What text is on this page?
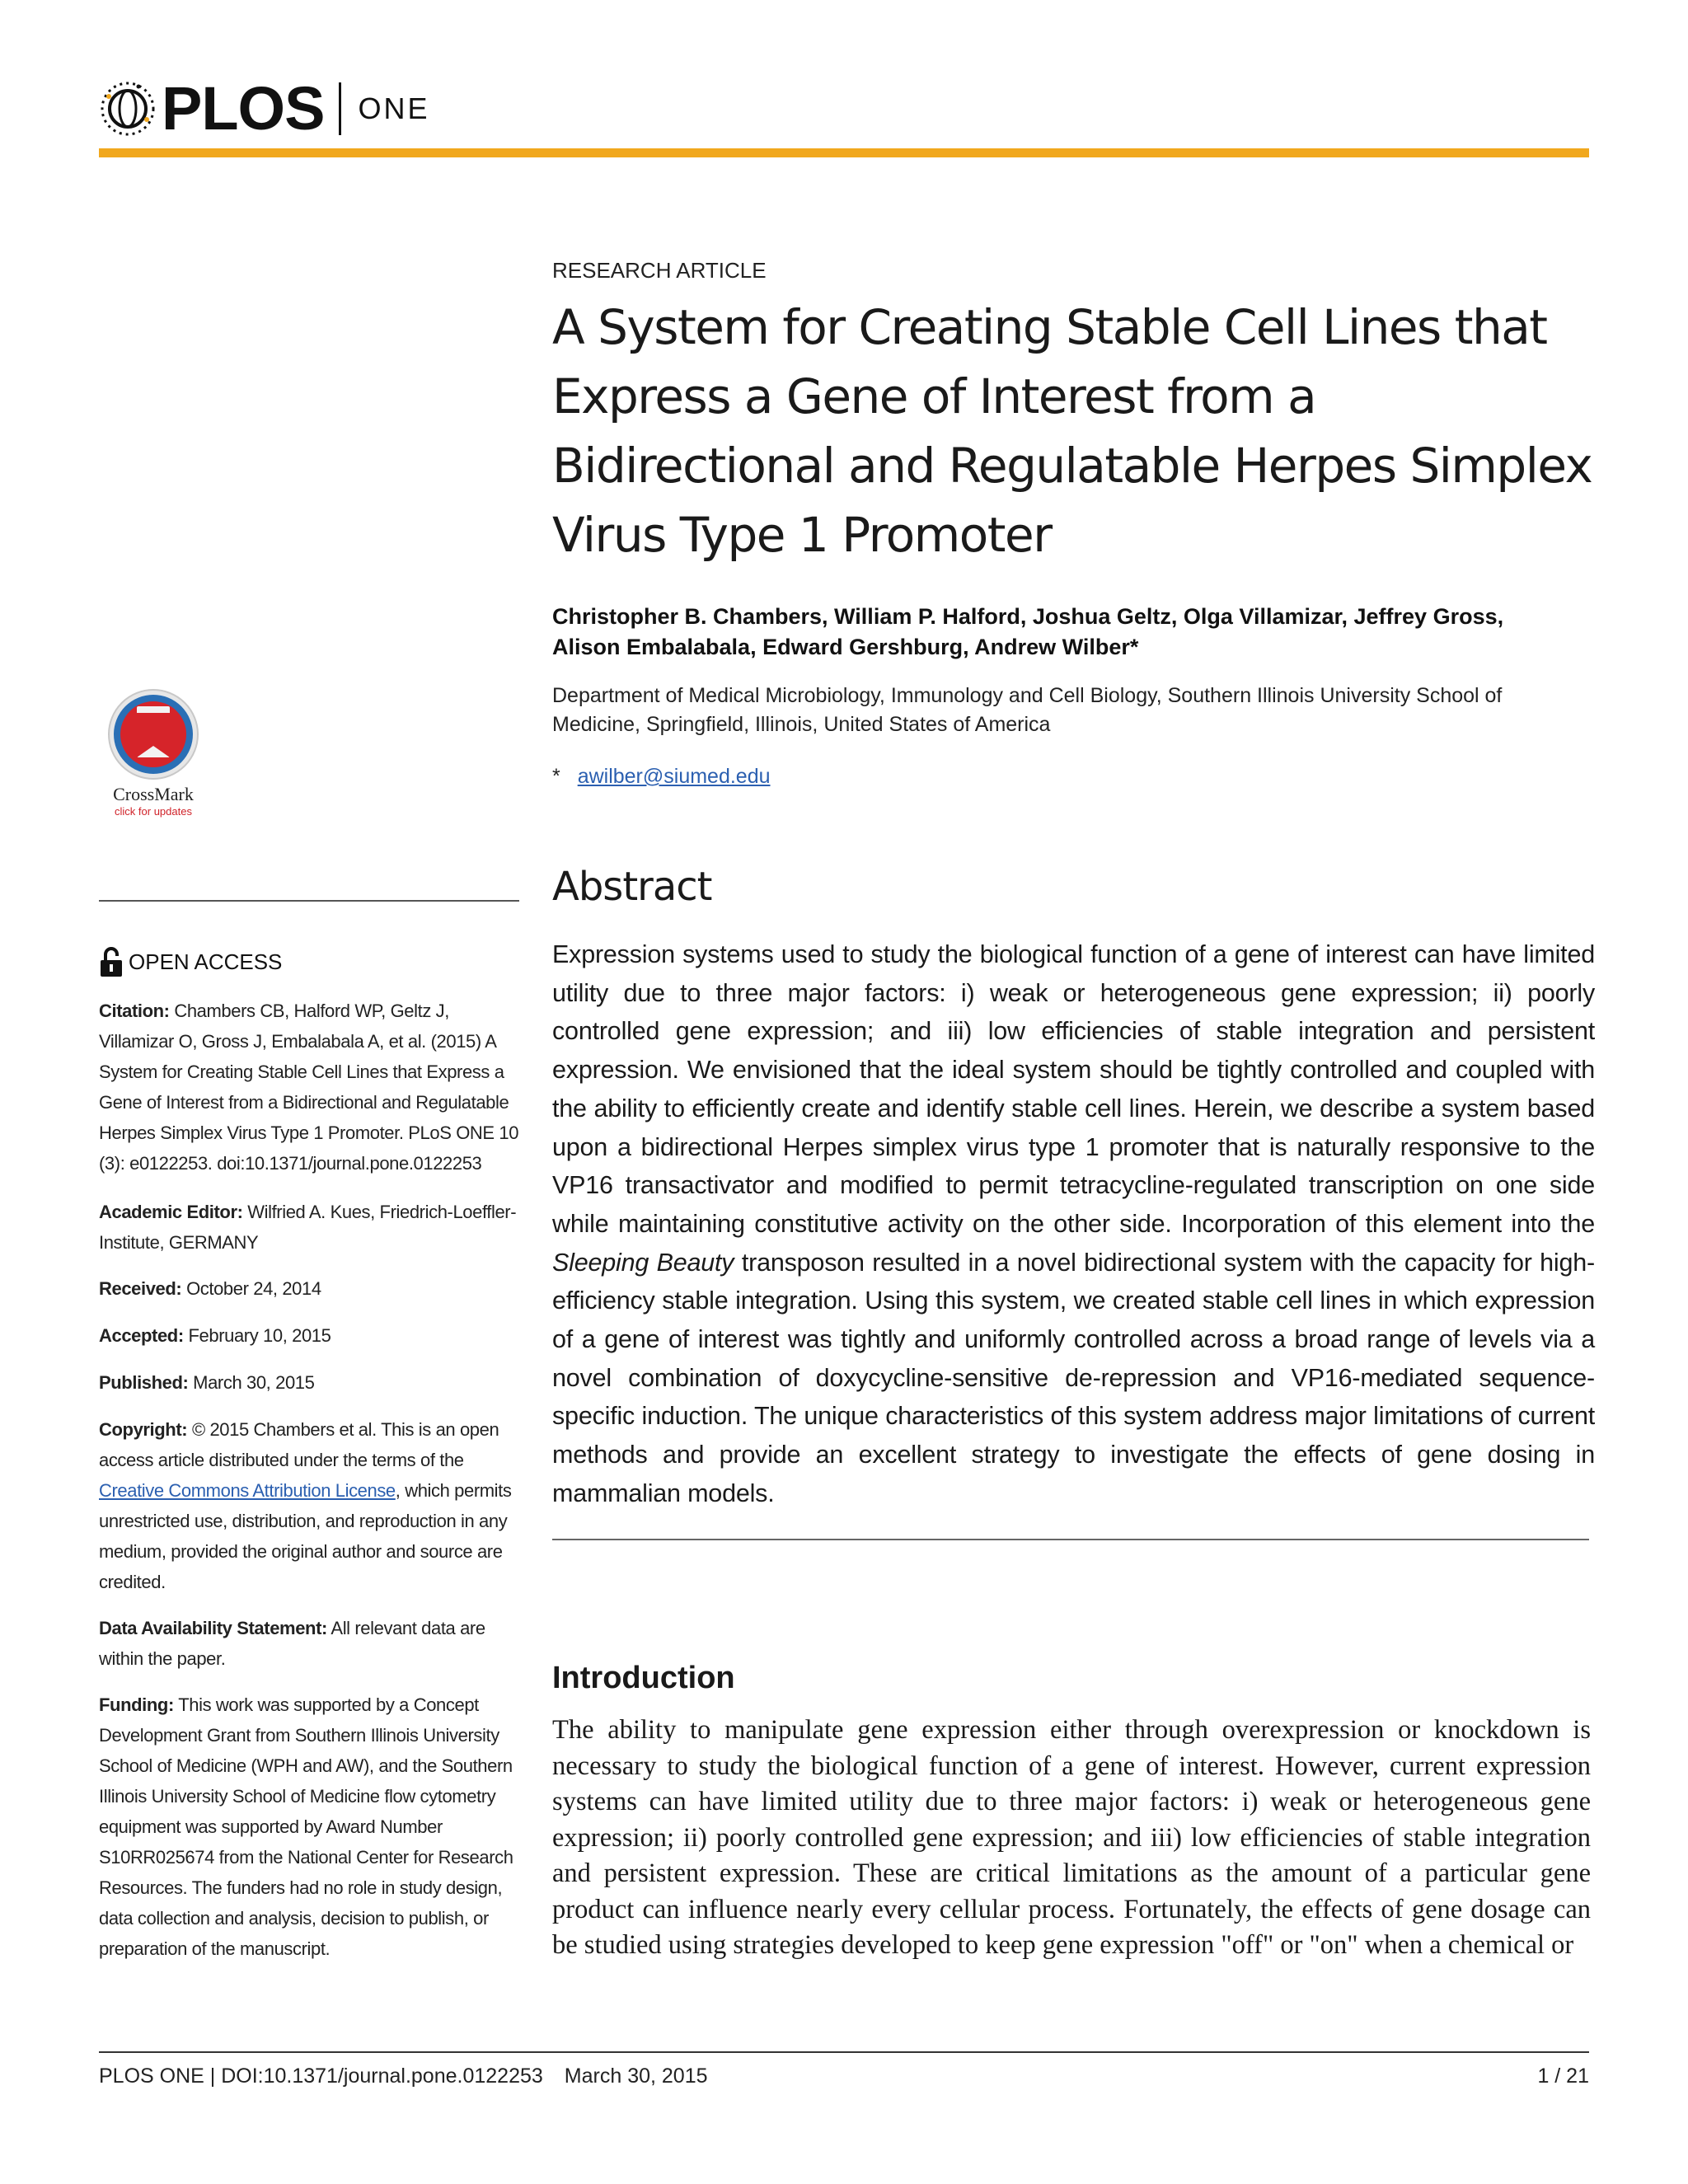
PLOS ONE
CrossMark
click for updates
OPEN ACCESS
Citation: Chambers CB, Halford WP, Geltz J, Villamizar O, Gross J, Embalabala A, et al. (2015) A System for Creating Stable Cell Lines that Express a Gene of Interest from a Bidirectional and Regulatable Herpes Simplex Virus Type 1 Promoter. PLoS ONE 10 (3): e0122253. doi:10.1371/journal.pone.0122253
Academic Editor: Wilfried A. Kues, Friedrich-Loeffler-Institute, GERMANY
Received: October 24, 2014
Accepted: February 10, 2015
Published: March 30, 2015
Copyright: © 2015 Chambers et al. This is an open access article distributed under the terms of the Creative Commons Attribution License, which permits unrestricted use, distribution, and reproduction in any medium, provided the original author and source are credited.
Data Availability Statement: All relevant data are within the paper.
Funding: This work was supported by a Concept Development Grant from Southern Illinois University School of Medicine (WPH and AW), and the Southern Illinois University School of Medicine flow cytometry equipment was supported by Award Number S10RR025674 from the National Center for Research Resources. The funders had no role in study design, data collection and analysis, decision to publish, or preparation of the manuscript.
RESEARCH ARTICLE
A System for Creating Stable Cell Lines that Express a Gene of Interest from a Bidirectional and Regulatable Herpes Simplex Virus Type 1 Promoter
Christopher B. Chambers, William P. Halford, Joshua Geltz, Olga Villamizar, Jeffrey Gross, Alison Embalabala, Edward Gershburg, Andrew Wilber*
Department of Medical Microbiology, Immunology and Cell Biology, Southern Illinois University School of Medicine, Springfield, Illinois, United States of America
* awilber@siumed.edu
Abstract

Expression systems used to study the biological function of a gene of interest can have limited utility due to three major factors: i) weak or heterogeneous gene expression; ii) poorly controlled gene expression; and iii) low efficiencies of stable integration and persistent expression. We envisioned that the ideal system should be tightly controlled and coupled with the ability to efficiently create and identify stable cell lines. Herein, we describe a system based upon a bidirectional Herpes simplex virus type 1 promoter that is naturally responsive to the VP16 transactivator and modified to permit tetracycline-regulated transcription on one side while maintaining constitutive activity on the other side. Incorporation of this element into the Sleeping Beauty transposon resulted in a novel bidirectional system with the capacity for high-efficiency stable integration. Using this system, we created stable cell lines in which expression of a gene of interest was tightly and uniformly controlled across a broad range of levels via a novel combination of doxycycline-sensitive de-repression and VP16-mediated sequence-specific induction. The unique characteristics of this system address major limitations of current methods and provide an excellent strategy to investigate the effects of gene dosing in mammalian models.

Introduction

The ability to manipulate gene expression either through overexpression or knockdown is necessary to study the biological function of a gene of interest. However, current expression systems can have limited utility due to three major factors: i) weak or heterogeneous gene expression; ii) poorly controlled gene expression; and iii) low efficiencies of stable integration and persistent expression. These are critical limitations as the amount of a particular gene product can influence nearly every cellular process. Fortunately, the effects of gene dosage can be studied using strategies developed to keep gene expression "off" or "on" when a chemical or

PLOS ONE | DOI:10.1371/journal.pone.0122253 March 30, 2015	1 / 21
